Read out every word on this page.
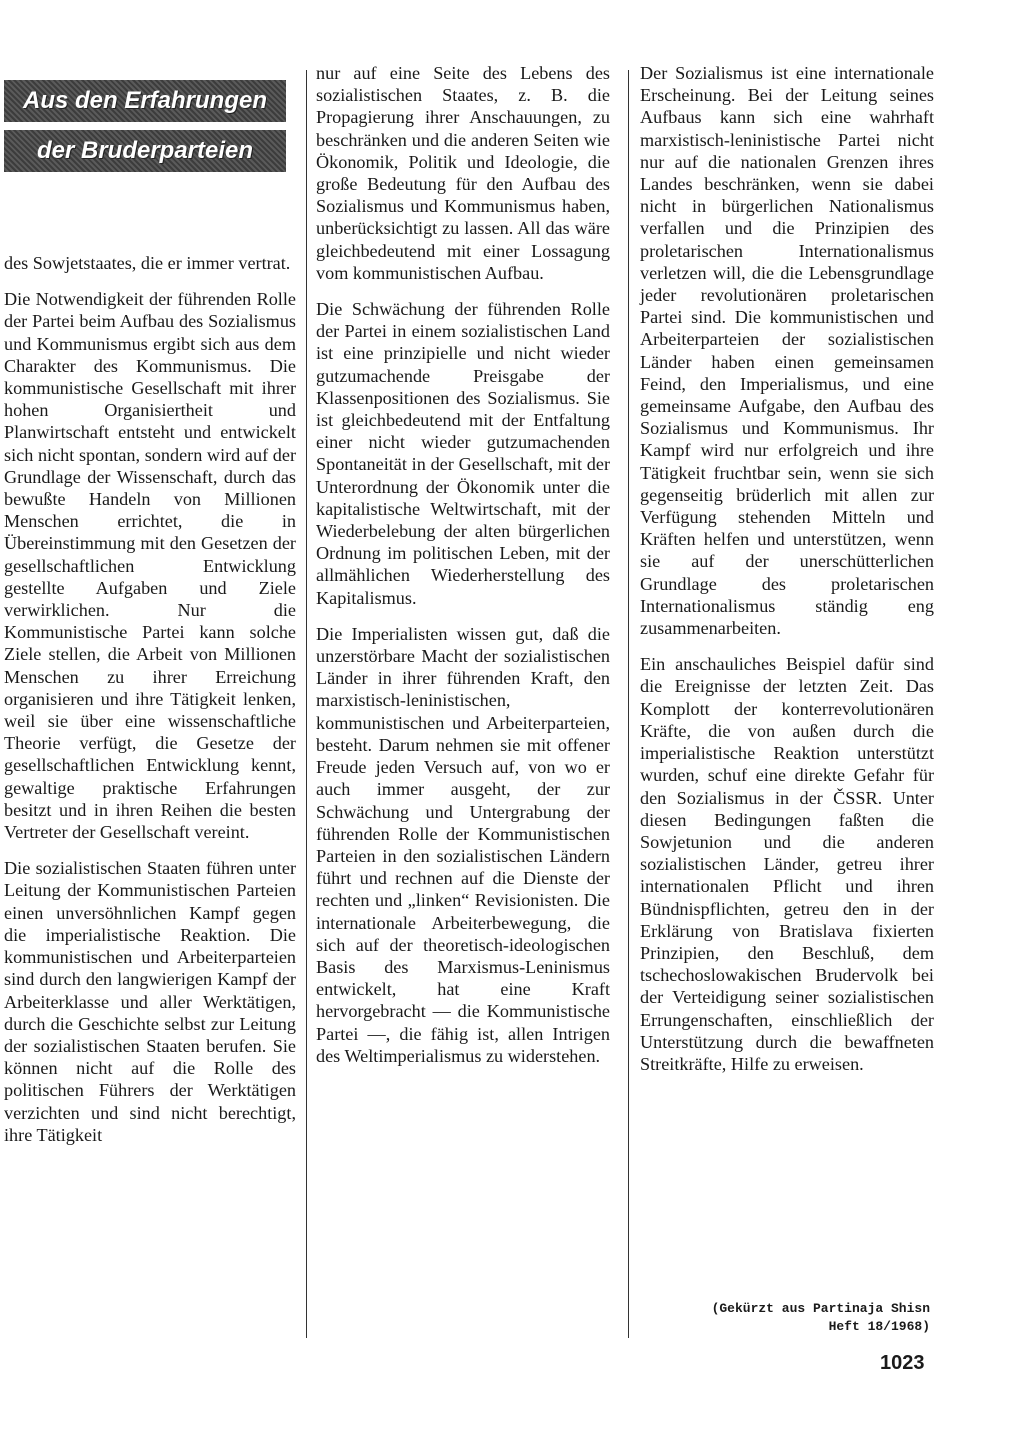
Aus den Erfahrungen
der Bruderparteien

des Sowjetstaates, die er immer vertrat.

Die Notwendigkeit der führenden Rolle der Partei beim Aufbau des Sozialismus und Kommunismus ergibt sich aus dem Charakter des Kommunismus. Die kommunistische Gesellschaft mit ihrer hohen Organisiertheit und Planwirtschaft entsteht und entwickelt sich nicht spontan, sondern wird auf der Grundlage der Wissenschaft, durch das bewußte Handeln von Millionen Menschen errichtet, die in Übereinstimmung mit den Gesetzen der gesellschaftlichen Entwicklung gestellte Aufgaben und Ziele verwirklichen. Nur die Kommunistische Partei kann solche Ziele stellen, die Arbeit von Millionen Menschen zu ihrer Erreichung organisieren und ihre Tätigkeit lenken, weil sie über eine wissenschaftliche Theorie verfügt, die Gesetze der gesellschaftlichen Entwicklung kennt, gewaltige praktische Erfahrungen besitzt und in ihren Reihen die besten Vertreter der Gesellschaft vereint.

Die sozialistischen Staaten führen unter Leitung der Kommunistischen Parteien einen unversöhnlichen Kampf gegen die imperialistische Reaktion. Die kommunistischen und Arbeiterparteien sind durch den langwierigen Kampf der Arbeiterklasse und aller Werktätigen, durch die Geschichte selbst zur Leitung der sozialistischen Staaten berufen. Sie können nicht auf die Rolle des politischen Führers der Werktätigen verzichten und sind nicht berechtigt, ihre Tätigkeit

nur auf eine Seite des Lebens des sozialistischen Staates, z. B. die Propagierung ihrer Anschauungen, zu beschränken und die anderen Seiten wie Ökonomik, Politik und Ideologie, die große Bedeutung für den Aufbau des Sozialismus und Kommunismus haben, unberücksichtigt zu lassen. All das wäre gleichbedeutend mit einer Lossagung vom kommunistischen Aufbau.

Die Schwächung der führenden Rolle der Partei in einem sozialistischen Land ist eine prinzipielle und nicht wieder gutzumachende Preisgabe der Klassenpositionen des Sozialismus. Sie ist gleichbedeutend mit der Entfaltung einer nicht wieder gutzumachenden Spontaneität in der Gesellschaft, mit der Unterordnung der Ökonomik unter die kapitalistische Weltwirtschaft, mit der Wiederbelebung der alten bürgerlichen Ordnung im politischen Leben, mit der allmählichen Wiederherstellung des Kapitalismus.

Die Imperialisten wissen gut, daß die unzerstörbare Macht der sozialistischen Länder in ihrer führenden Kraft, den marxistisch-leninistischen, kommunistischen und Arbeiterparteien, besteht. Darum nehmen sie mit offener Freude jeden Versuch auf, von wo er auch immer ausgeht, der zur Schwächung und Untergrabung der führenden Rolle der Kommunistischen Parteien in den sozialistischen Ländern führt und rechnen auf die Dienste der rechten und „linken“ Revisionisten. Die internationale Arbeiterbewegung, die sich auf der theoretisch-ideologischen Basis des Marxismus-Leninismus entwickelt, hat eine Kraft hervorgebracht — die Kommunistische Partei —, die fähig ist, allen Intrigen des Weltimperialismus zu widerstehen.

Der Sozialismus ist eine internationale Erscheinung. Bei der Leitung seines Aufbaus kann sich eine wahrhaft marxistisch-leninistische Partei nicht nur auf die nationalen Grenzen ihres Landes beschränken, wenn sie dabei nicht in bürgerlichen Nationalismus verfallen und die Prinzipien des proletarischen Internationalismus verletzen will, die die Lebensgrundlage jeder revolutionären proletarischen Partei sind. Die kommunistischen und Arbeiterparteien der sozialistischen Länder haben einen gemeinsamen Feind, den Imperialismus, und eine gemeinsame Aufgabe, den Aufbau des Sozialismus und Kommunismus. Ihr Kampf wird nur erfolgreich und ihre Tätigkeit fruchtbar sein, wenn sie sich gegenseitig brüderlich mit allen zur Verfügung stehenden Mitteln und Kräften helfen und unterstützen, wenn sie auf der unerschütterlichen Grundlage des proletarischen Internationalismus ständig eng zusammenarbeiten.

Ein anschauliches Beispiel dafür sind die Ereignisse der letzten Zeit. Das Komplott der konterrevolutionären Kräfte, die von außen durch die imperialistische Reaktion unterstützt wurden, schuf eine direkte Gefahr für den Sozialismus in der ČSSR. Unter diesen Bedingungen faßten die Sowjetunion und die anderen sozialistischen Länder, getreu ihrer internationalen Pflicht und ihren Bündnispflichten, getreu den in der Erklärung von Bratislava fixierten Prinzipien, den Beschluß, dem tschechoslowakischen Brudervolk bei der Verteidigung seiner sozialistischen Errungenschaften, einschließlich der Unterstützung durch die bewaffneten Streitkräfte, Hilfe zu erweisen.

(Gekürzt aus Partinaja Shisn
Heft 18/1968)
1023
